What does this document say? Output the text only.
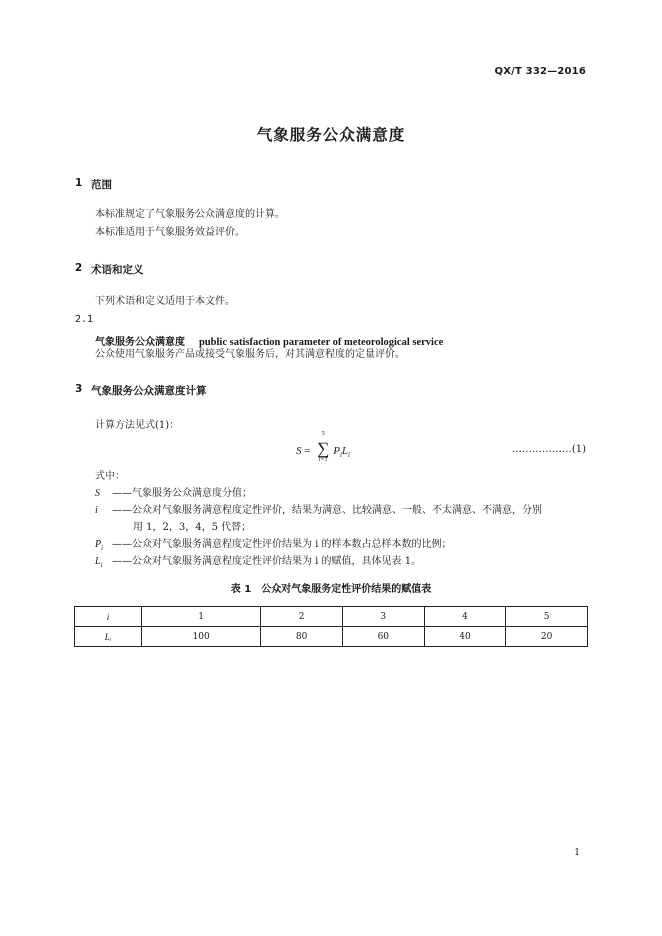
QX/T 332—2016
气象服务公众满意度
1 范围
本标准规定了气象服务公众满意度的计算。
本标准适用于气象服务效益评价。
2 术语和定义
下列术语和定义适用于本文件。
2.1
气象服务公众满意度 public satisfaction parameter of meteorological service
公众使用气象服务产品或接受气象服务后，对其满意程度的定量评价。
3 气象服务公众满意度计算
计算方法见式(1)：
S =
5
∑
i=1
$P_iL_i$
………………(1)
式中：
S ——气象服务公众满意度分值；
i ——公众对气象服务满意程度定性评价，结果为满意、比较满意、一般、不太满意、不满意，分别
用 1，2，3，4，5 代替；
$P_i$ ——公众对气象服务满意程度定性评价结果为 i 的样本数占总样本数的比例；
$L_i$ ——公众对气象服务满意程度定性评价结果为 i 的赋值，具体见表 1。
表 1　公众对气象服务定性评价结果的赋值表
i	1	2	3	4	5
Lᵢ	100	80	60	40	20
1
